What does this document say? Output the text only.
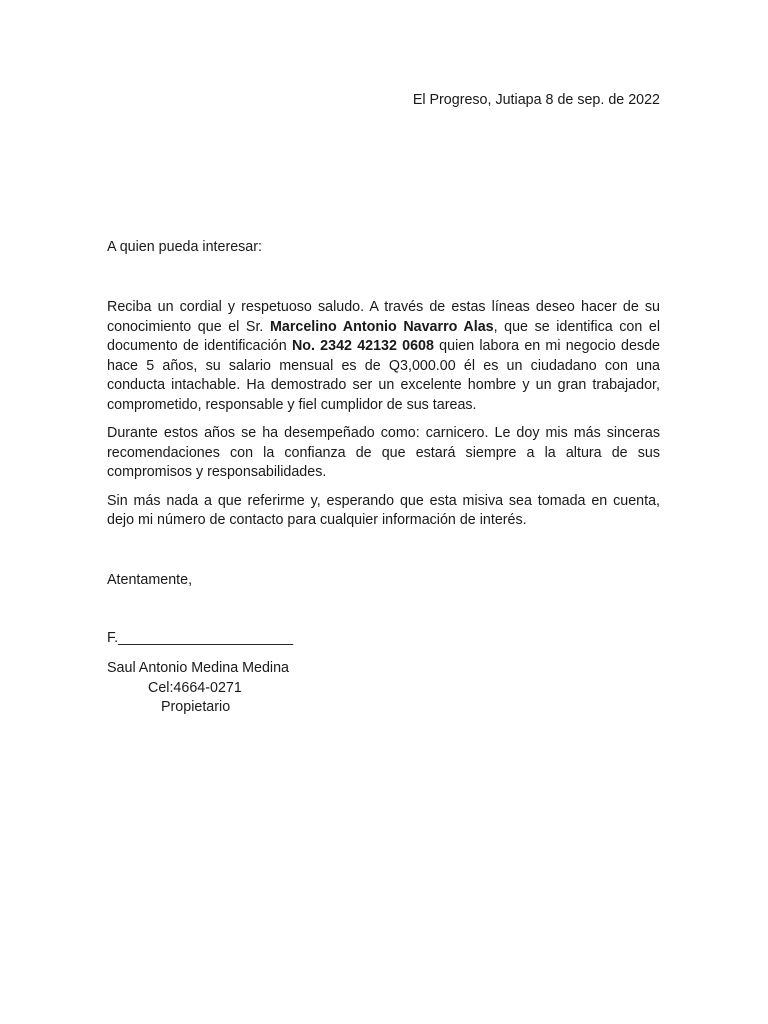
El Progreso, Jutiapa 8 de sep. de 2022
A quien pueda interesar:

Reciba un cordial y respetuoso saludo. A través de estas líneas deseo hacer de su conocimiento que el Sr. Marcelino Antonio Navarro Alas, que se identifica con el documento de identificación No. 2342 42132 0608 quien labora en mi negocio desde hace 5 años, su salario mensual es de Q3,000.00 él es un ciudadano con una conducta intachable. Ha demostrado ser un excelente hombre y un gran trabajador, comprometido, responsable y fiel cumplidor de sus tareas.

Durante estos años se ha desempeñado como: carnicero. Le doy mis más sinceras recomendaciones con la confianza de que estará siempre a la altura de sus compromisos y responsabilidades.

Sin más nada a que referirme y, esperando que esta misiva sea tomada en cuenta, dejo mi número de contacto para cualquier información de interés.

Atentamente,
F.______________________
Saul Antonio Medina Medina
Cel:4664-0271
Propietario
